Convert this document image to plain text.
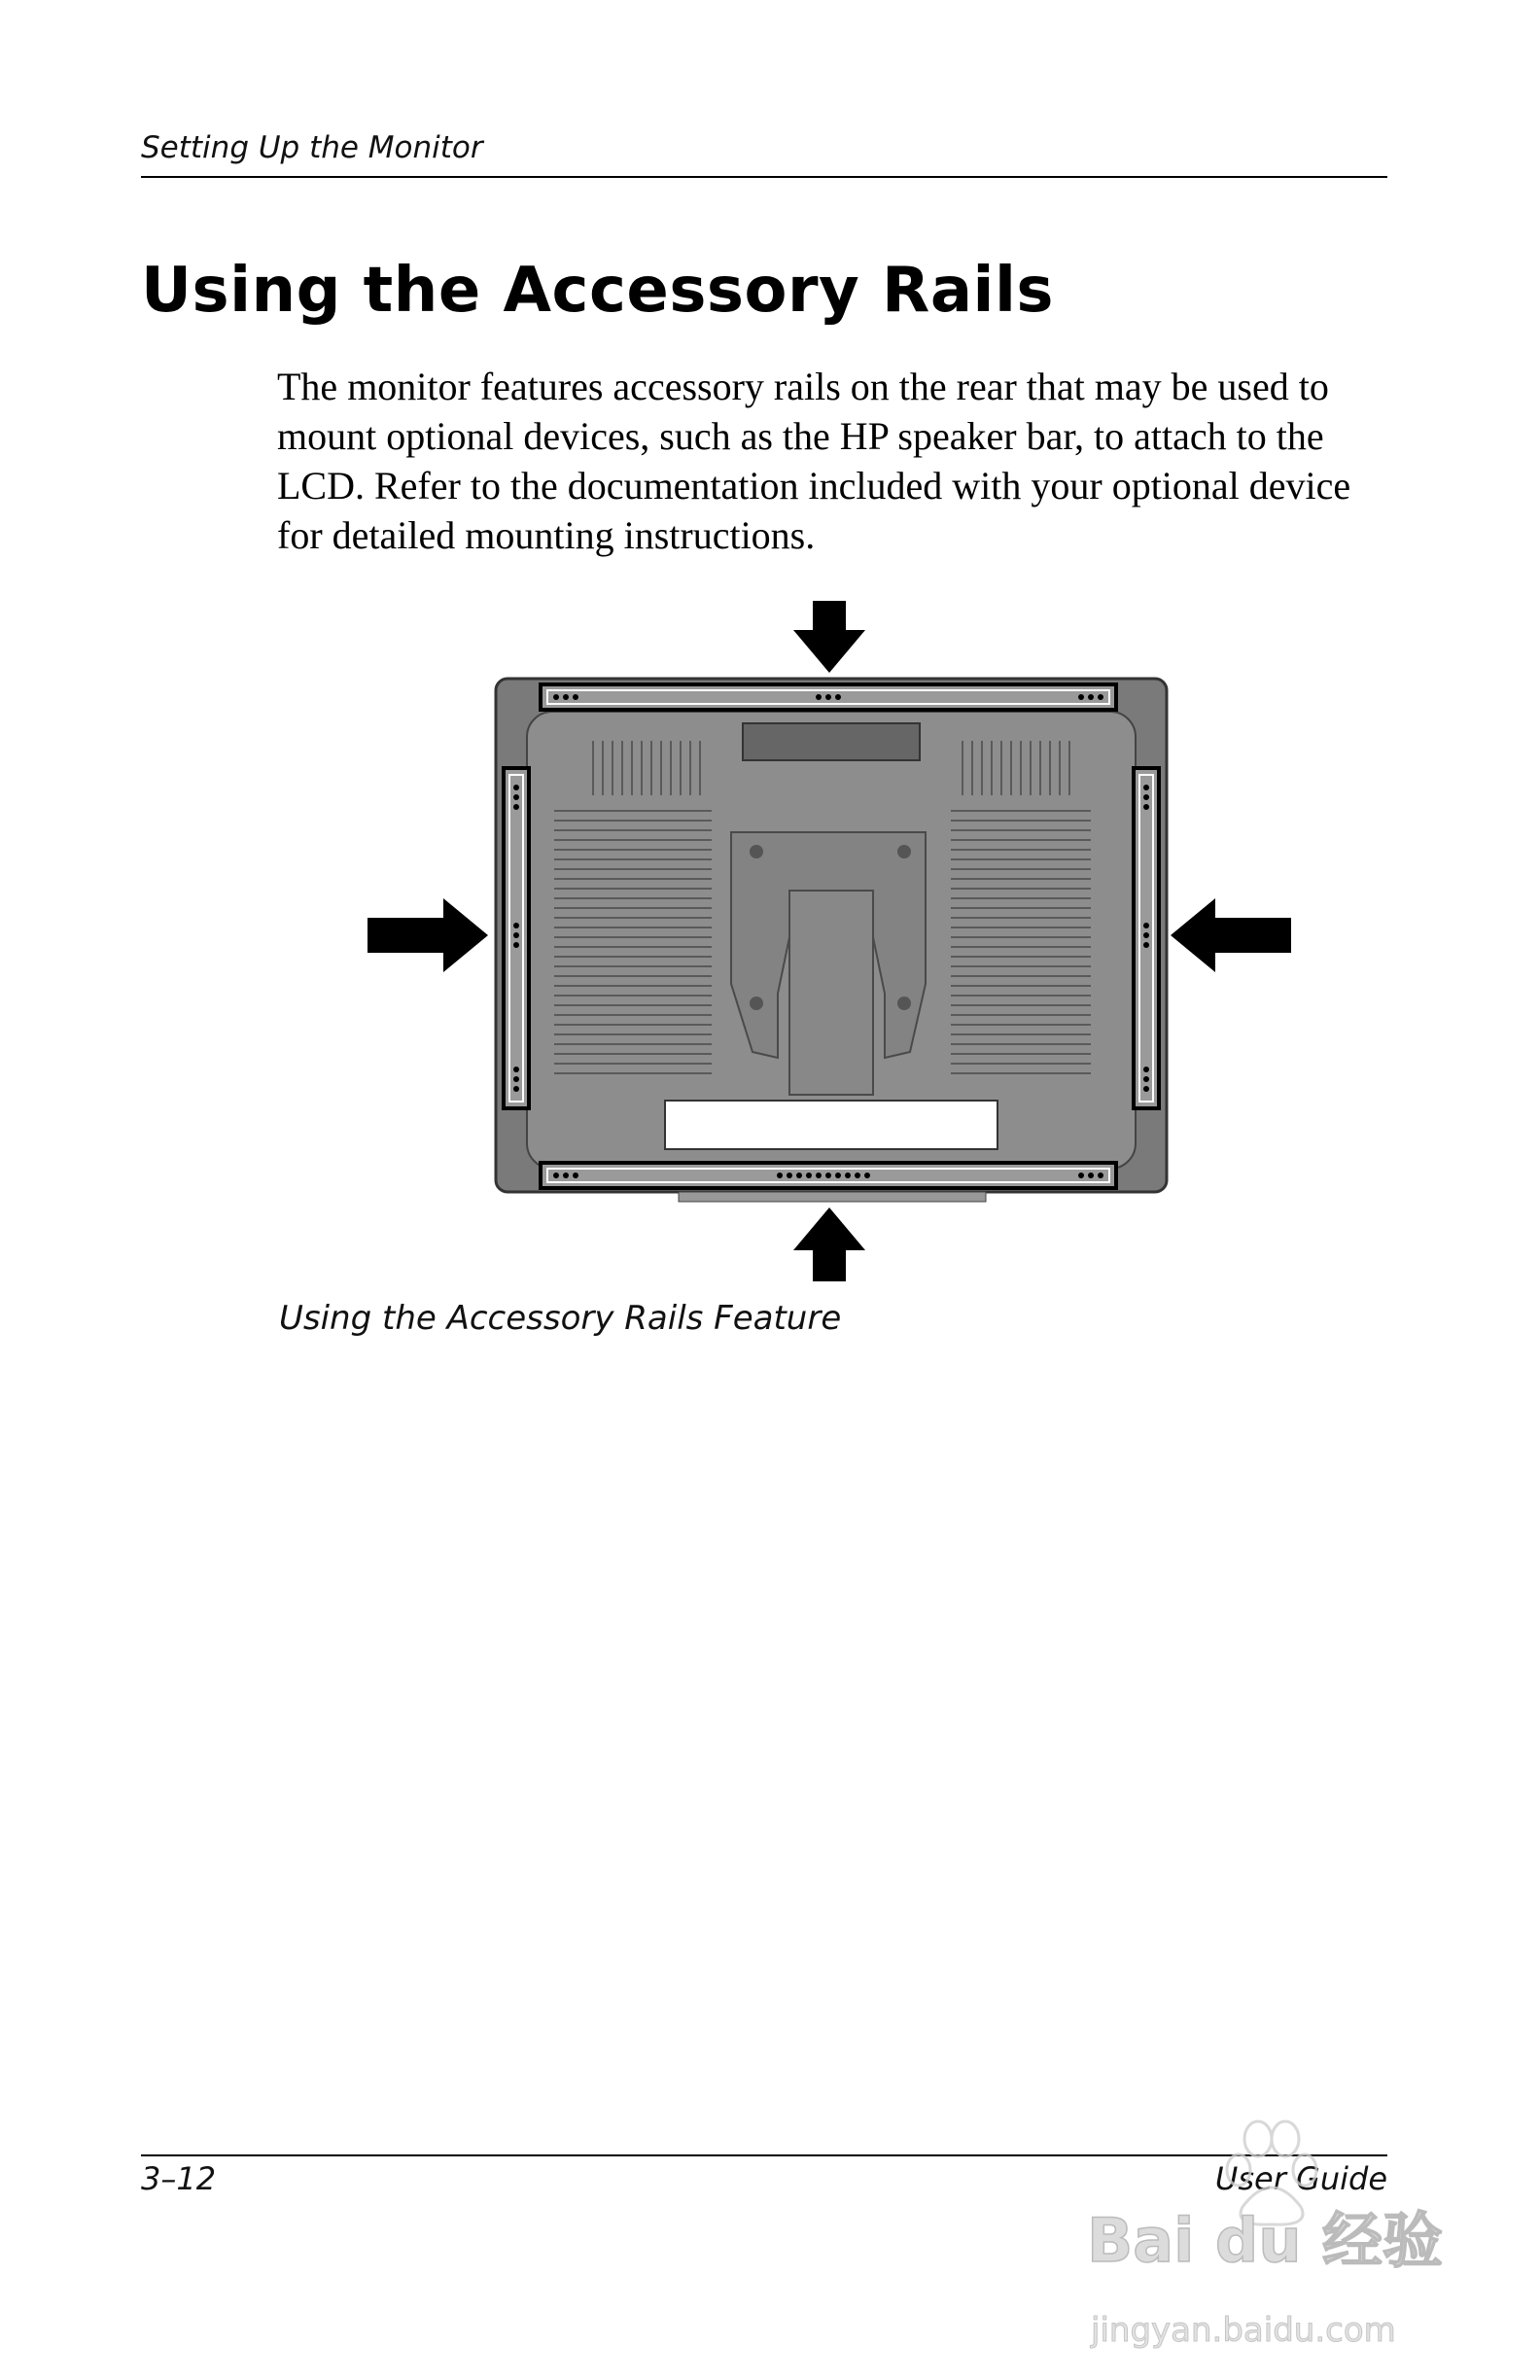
Setting Up the Monitor
Using the Accessory Rails

The monitor features accessory rails on the rear that may be used to mount optional devices, such as the HP speaker bar, to attach to the LCD. Refer to the documentation included with your optional device for detailed mounting instructions.

Using the Accessory Rails Feature
3–12	User Guide
Bai du 经验
jingyan.baidu.com
